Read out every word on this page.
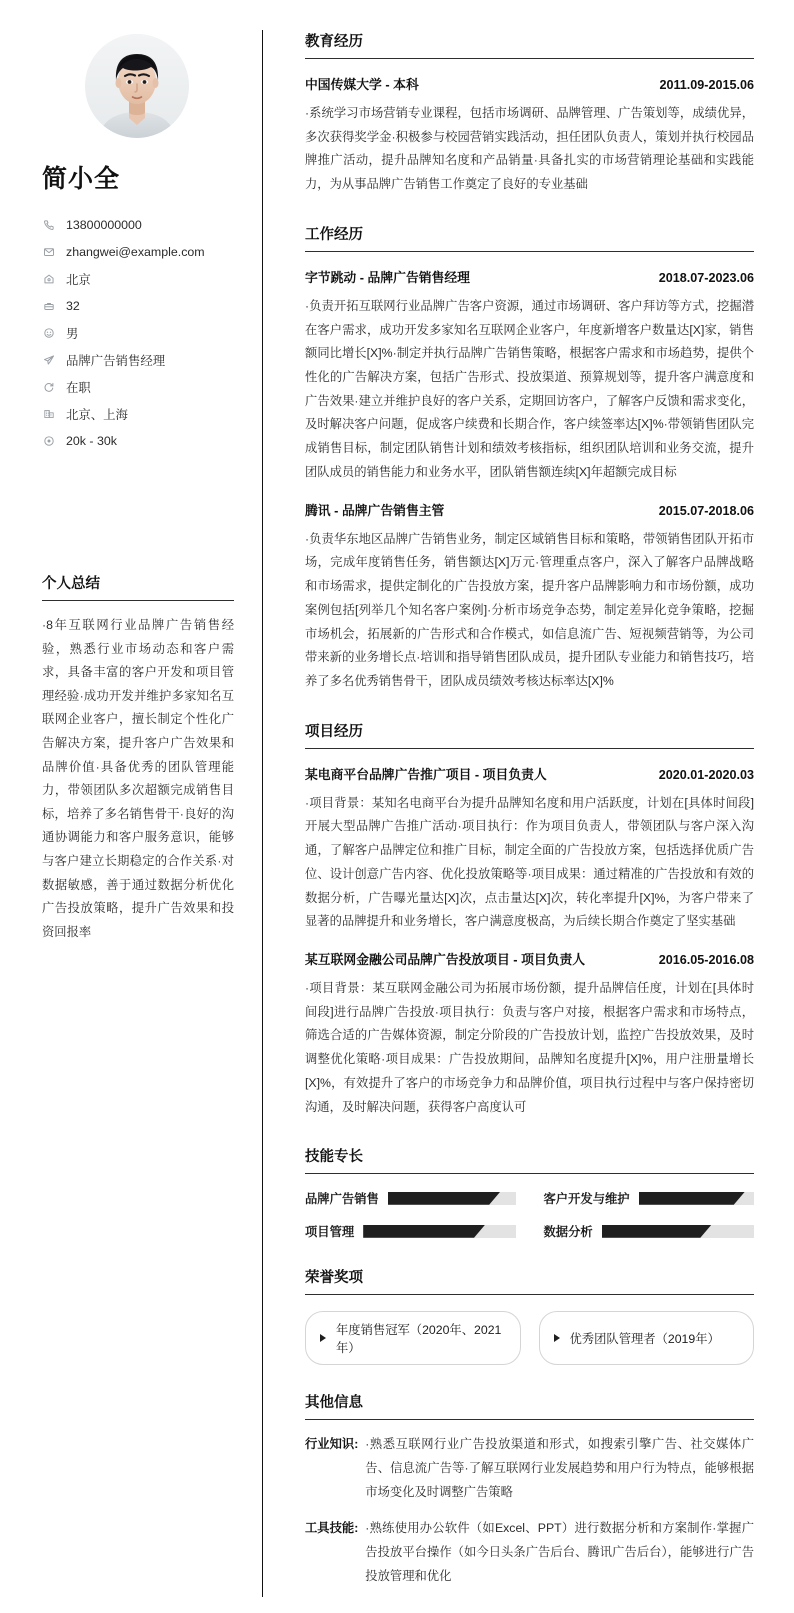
简小全
13800000000
zhangwei@example.com
北京
32
男
品牌广告销售经理
在职
北京、上海
20k - 30k
个人总结
·8年互联网行业品牌广告销售经验，熟悉行业市场动态和客户需求，具备丰富的客户开发和项目管理经验·成功开发并维护多家知名互联网企业客户，擅长制定个性化广告解决方案，提升客户广告效果和品牌价值·具备优秀的团队管理能力，带领团队多次超额完成销售目标，培养了多名销售骨干·良好的沟通协调能力和客户服务意识，能够与客户建立长期稳定的合作关系·对数据敏感，善于通过数据分析优化广告投放策略，提升广告效果和投资回报率
教育经历
中国传媒大学 - 本科	2011.09-2015.06
·系统学习市场营销专业课程，包括市场调研、品牌管理、广告策划等，成绩优异，多次获得奖学金·积极参与校园营销实践活动，担任团队负责人，策划并执行校园品牌推广活动，提升品牌知名度和产品销量·具备扎实的市场营销理论基础和实践能力，为从事品牌广告销售工作奠定了良好的专业基础
工作经历
字节跳动 - 品牌广告销售经理	2018.07-2023.06
·负责开拓互联网行业品牌广告客户资源，通过市场调研、客户拜访等方式，挖掘潜在客户需求，成功开发多家知名互联网企业客户，年度新增客户数量达[X]家，销售额同比增长[X]%·制定并执行品牌广告销售策略，根据客户需求和市场趋势，提供个性化的广告解决方案，包括广告形式、投放渠道、预算规划等，提升客户满意度和广告效果·建立并维护良好的客户关系，定期回访客户，了解客户反馈和需求变化，及时解决客户问题，促成客户续费和长期合作，客户续签率达[X]%·带领销售团队完成销售目标，制定团队销售计划和绩效考核指标，组织团队培训和业务交流，提升团队成员的销售能力和业务水平，团队销售额连续[X]年超额完成目标
腾讯 - 品牌广告销售主管	2015.07-2018.06
·负责华东地区品牌广告销售业务，制定区域销售目标和策略，带领销售团队开拓市场，完成年度销售任务，销售额达[X]万元·管理重点客户，深入了解客户品牌战略和市场需求，提供定制化的广告投放方案，提升客户品牌影响力和市场份额，成功案例包括[列举几个知名客户案例]·分析市场竞争态势，制定差异化竞争策略，挖掘市场机会，拓展新的广告形式和合作模式，如信息流广告、短视频营销等，为公司带来新的业务增长点·培训和指导销售团队成员，提升团队专业能力和销售技巧，培养了多名优秀销售骨干，团队成员绩效考核达标率达[X]%
项目经历
某电商平台品牌广告推广项目 - 项目负责人	2020.01-2020.03
·项目背景：某知名电商平台为提升品牌知名度和用户活跃度，计划在[具体时间段]开展大型品牌广告推广活动·项目执行：作为项目负责人，带领团队与客户深入沟通，了解客户品牌定位和推广目标，制定全面的广告投放方案，包括选择优质广告位、设计创意广告内容、优化投放策略等·项目成果：通过精准的广告投放和有效的数据分析，广告曝光量达[X]次，点击量达[X]次，转化率提升[X]%，为客户带来了显著的品牌提升和业务增长，客户满意度极高，为后续长期合作奠定了坚实基础
某互联网金融公司品牌广告投放项目 - 项目负责人	2016.05-2016.08
·项目背景：某互联网金融公司为拓展市场份额，提升品牌信任度，计划在[具体时间段]进行品牌广告投放·项目执行：负责与客户对接，根据客户需求和市场特点，筛选合适的广告媒体资源，制定分阶段的广告投放计划，监控广告投放效果，及时调整优化策略·项目成果：广告投放期间，品牌知名度提升[X]%，用户注册量增长[X]%，有效提升了客户的市场竞争力和品牌价值，项目执行过程中与客户保持密切沟通，及时解决问题，获得客户高度认可
技能专长
品牌广告销售	客户开发与维护
项目管理	数据分析
荣誉奖项
年度销售冠军（2020年、2021年）
优秀团队管理者（2019年）
其他信息
行业知识: ·熟悉互联网行业广告投放渠道和形式，如搜索引擎广告、社交媒体广告、信息流广告等·了解互联网行业发展趋势和用户行为特点，能够根据市场变化及时调整广告策略
工具技能: ·熟练使用办公软件（如Excel、PPT）进行数据分析和方案制作·掌握广告投放平台操作（如今日头条广告后台、腾讯广告后台），能够进行广告投放管理和优化
